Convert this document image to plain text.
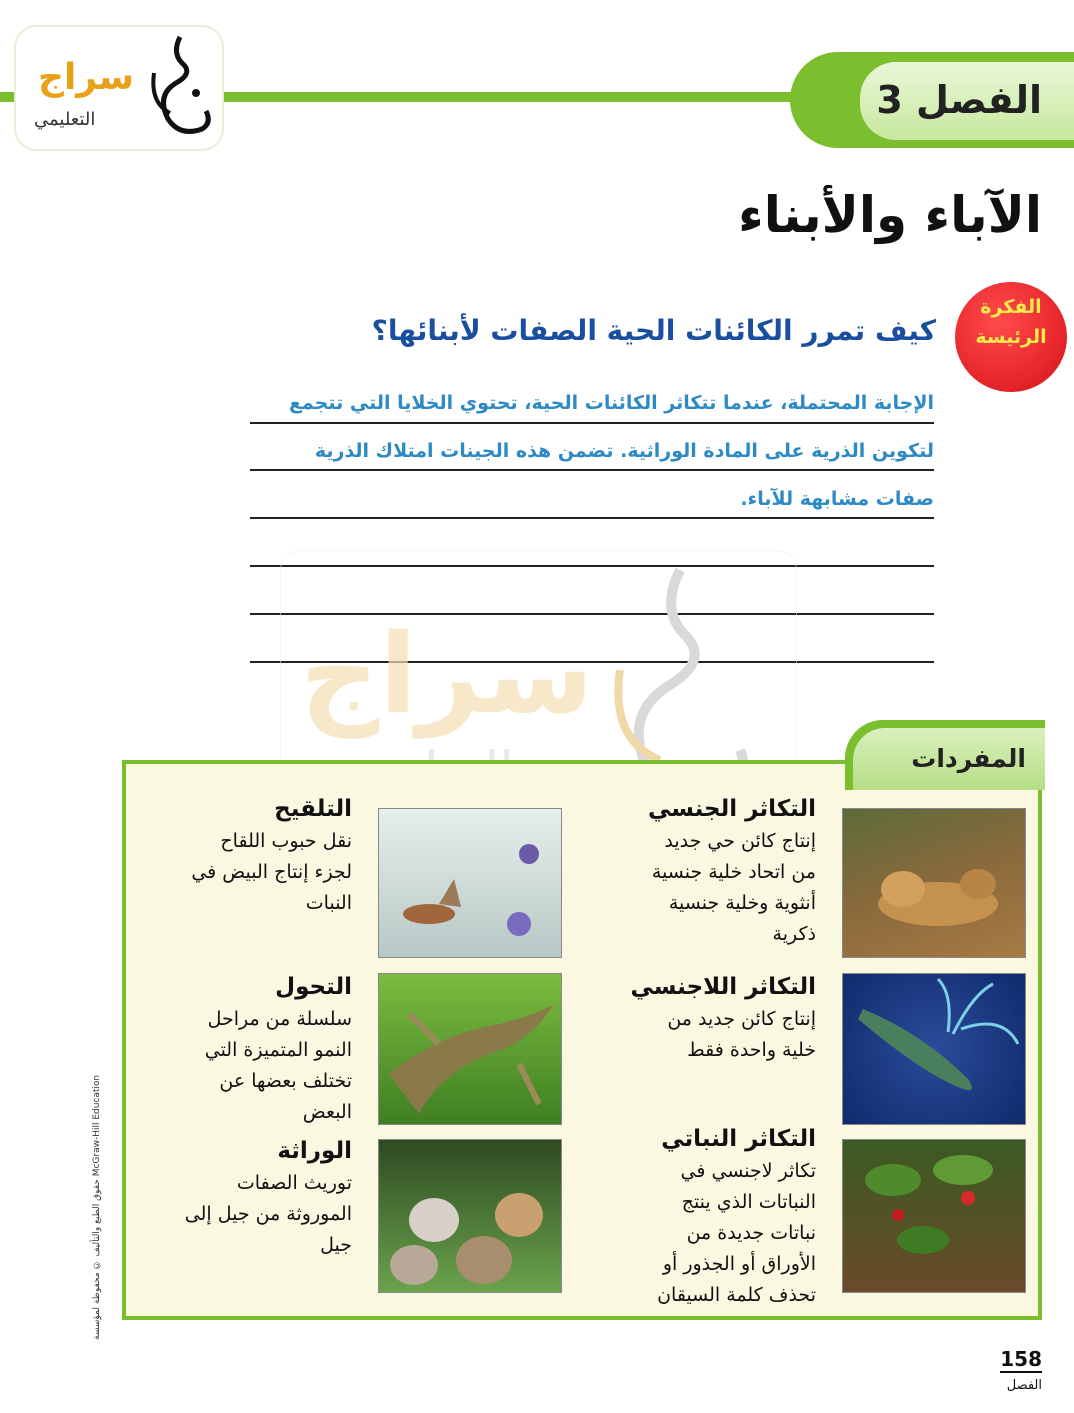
الفصل 3
سراج
التعليمي
الآباء والأبناء
الفكرة
الرئيسة
كيف تمرر الكائنات الحية الصفات لأبنائها؟
الإجابة المحتملة، عندما تتكاثر الكائنات الحية، تحتوي الخلايا التي تتجمع
لتكوين الذرية على المادة الوراثية. تضمن هذه الجينات امتلاك الذرية
صفات مشابهة للآباء.
سراج
التكاثر الجنسي
إنتاج كائن حي جديد
من اتحاد خلية جنسية
أنثوية وخلية جنسية
ذكرية
التكاثر اللاجنسي
إنتاج كائن جديد من
خلية واحدة فقط
التكاثر النباتي
تكاثر لاجنسي في
النباتات الذي ينتج
نباتات جديدة من
الأوراق أو الجذور أو
تحذف كلمة السيقان
التلقيح
نقل حبوب اللقاح
لجزء إنتاج البيض في
النبات
التحول
سلسلة من مراحل
النمو المتميزة التي
تختلف بعضها عن
البعض
الوراثة
توريث الصفات
الموروثة من جيل إلى
جيل
المفردات
حقوق الطبع والتأليف © محفوظة لمؤسسة McGraw-Hill Education
158
الفصل
